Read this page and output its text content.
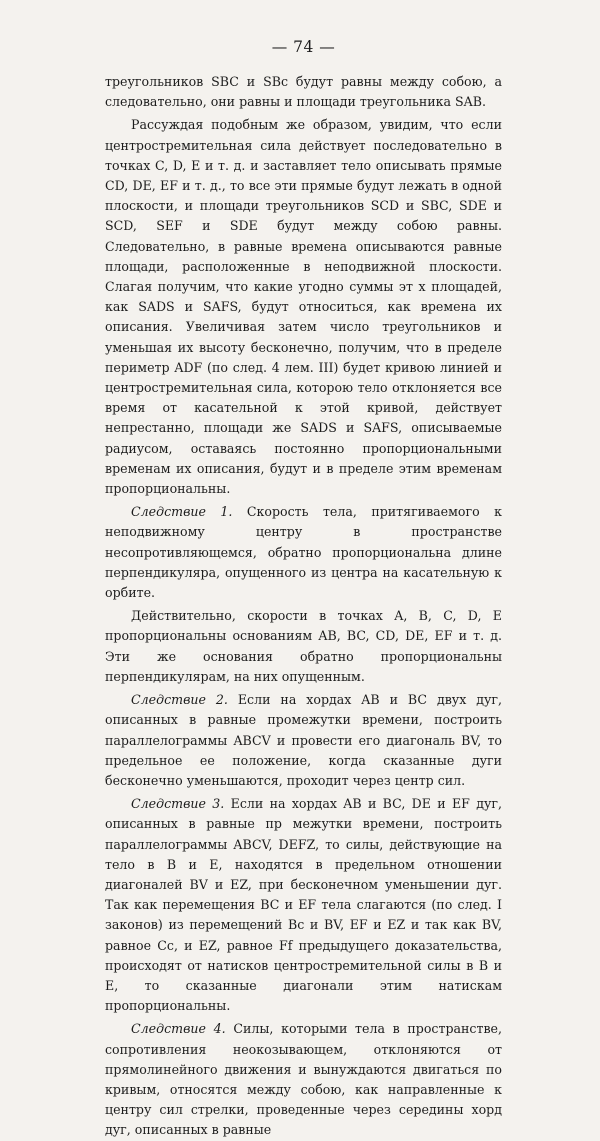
— 74 —

треугольников SBC и SBc будут равны между собою, а следовательно, они равны и площади треугольника SAB.

Рассуждая подобным же образом, увидим, что если центростремительная сила действует последовательно в точках C, D, E и т. д. и заставляет тело описывать прямые CD, DE, EF и т. д., то все эти прямые будут лежать в одной плоскости, и площади треугольников SCD и SBC, SDE и SCD, SEF и SDE будут между собою равны. Следовательно, в равные времена описываются равные площади, расположенные в неподвижной плоскости. Слагая получим, что какие угодно суммы эт х площадей, как SADS и SAFS, будут относиться, как времена их описания. Увеличивая затем число треугольников и уменьшая их высоту бесконечно, получим, что в пределе периметр ADF (по след. 4 лем. III) будет кривою линией и центростремительная сила, которою тело отклоняется все время от касательной к этой кривой, действует непрестанно, площади же SADS и SAFS, описываемые радиусом, оставаясь постоянно пропорциональными временам их описания, будут и в пределе этим временам пропорциональны.

Следствие 1. Скорость тела, притягиваемого к неподвижному центру в пространстве несопротивляющемся, обратно пропорциональна длине перпендикуляра, опущенного из центра на касательную к орбите.

Действительно, скорости в точках A, B, C, D, E пропорциональны основаниям AB, BC, CD, DE, EF и т. д. Эти же основания обратно пропорциональны перпендикулярам, на них опущенным.

Следствие 2. Если на хордах AB и BC двух дуг, описанных в равные промежутки времени, построить параллелограммы ABCV и провести его диагональ BV, то предельное ее положение, когда сказанные дуги бесконечно уменьшаются, проходит через центр сил.

Следствие 3. Если на хордах AB и BC, DE и EF дуг, описанных в равные пр межутки времени, построить параллелограммы ABCV, DEFZ, то силы, действующие на тело в B и E, находятся в предельном отношении диагоналей BV и EZ, при бесконечном уменьшении дуг. Так как перемещения BC и EF тела слагаются (по след. I законов) из перемещений Bc и BV, EF и EZ и так как BV, равное Cc, и EZ, равное Ff предыдущего доказательства, происходят от натисков центростремительной силы в B и E, то сказанные диагонали этим натискам пропорциональны.

Следствие 4. Силы, которыми тела в пространстве, сопротивления неокозывающем, отклоняются от прямолинейного движения и вынуждаются двигаться по кривым, относятся между собою, как направленные к центру сил стрелки, проведенные через середины хорд дуг, описанных в равные
